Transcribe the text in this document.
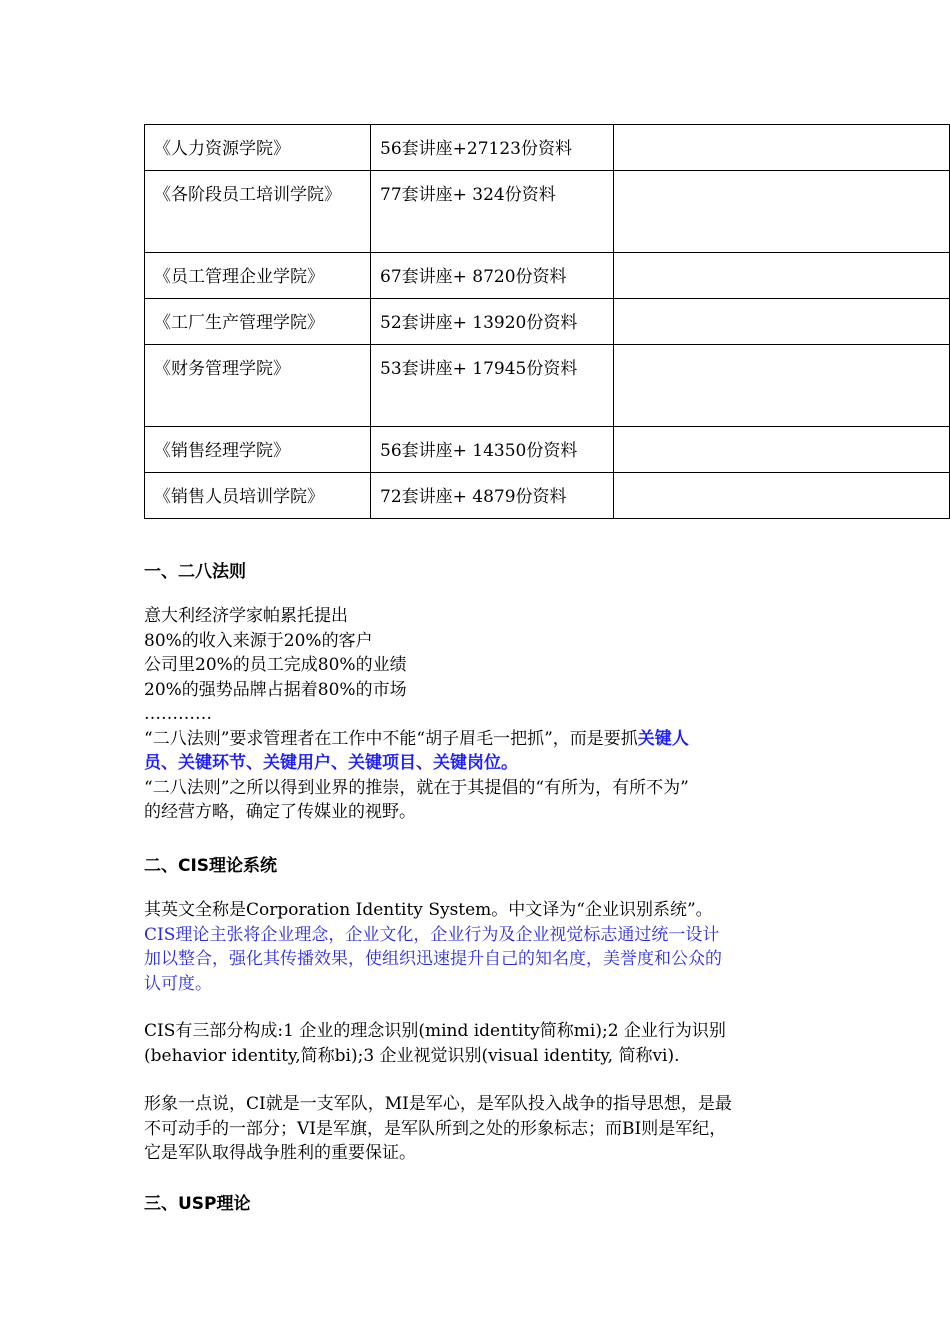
《人力资源学院》	56套讲座+27123份资料	
《各阶段员工培训学院》	77套讲座+ 324份资料	
《员工管理企业学院》	67套讲座+ 8720份资料	
《工厂生产管理学院》	52套讲座+ 13920份资料	
《财务管理学院》	53套讲座+ 17945份资料	
《销售经理学院》	56套讲座+ 14350份资料	
《销售人员培训学院》	72套讲座+ 4879份资料	
一、二八法则
意大利经济学家帕累托提出
80%的收入来源于20%的客户
公司里20%的员工完成80%的业绩
20%的强势品牌占据着80%的市场
…………
“二八法则”要求管理者在工作中不能“胡子眉毛一把抓”，而是要抓关键人
员、关键环节、关键用户、关键项目、关键岗位。
“二八法则”之所以得到业界的推崇，就在于其提倡的“有所为，有所不为”
的经营方略，确定了传媒业的视野。
二、CIS理论系统
其英文全称是Corporation Identity System。中文译为“企业识别系统”。
CIS理论主张将企业理念，企业文化，企业行为及企业视觉标志通过统一设计
加以整合，强化其传播效果，使组织迅速提升自己的知名度，美誉度和公众的
认可度。
CIS有三部分构成:1 企业的理念识别(mind identity简称mi);2 企业行为识别
(behavior identity,简称bi);3 企业视觉识别(visual identity, 简称vi).
形象一点说，CI就是一支军队，MI是军心，是军队投入战争的指导思想，是最
不可动手的一部分；VI是军旗，是军队所到之处的形象标志；而BI则是军纪，
它是军队取得战争胜利的重要保证。
三、USP理论
